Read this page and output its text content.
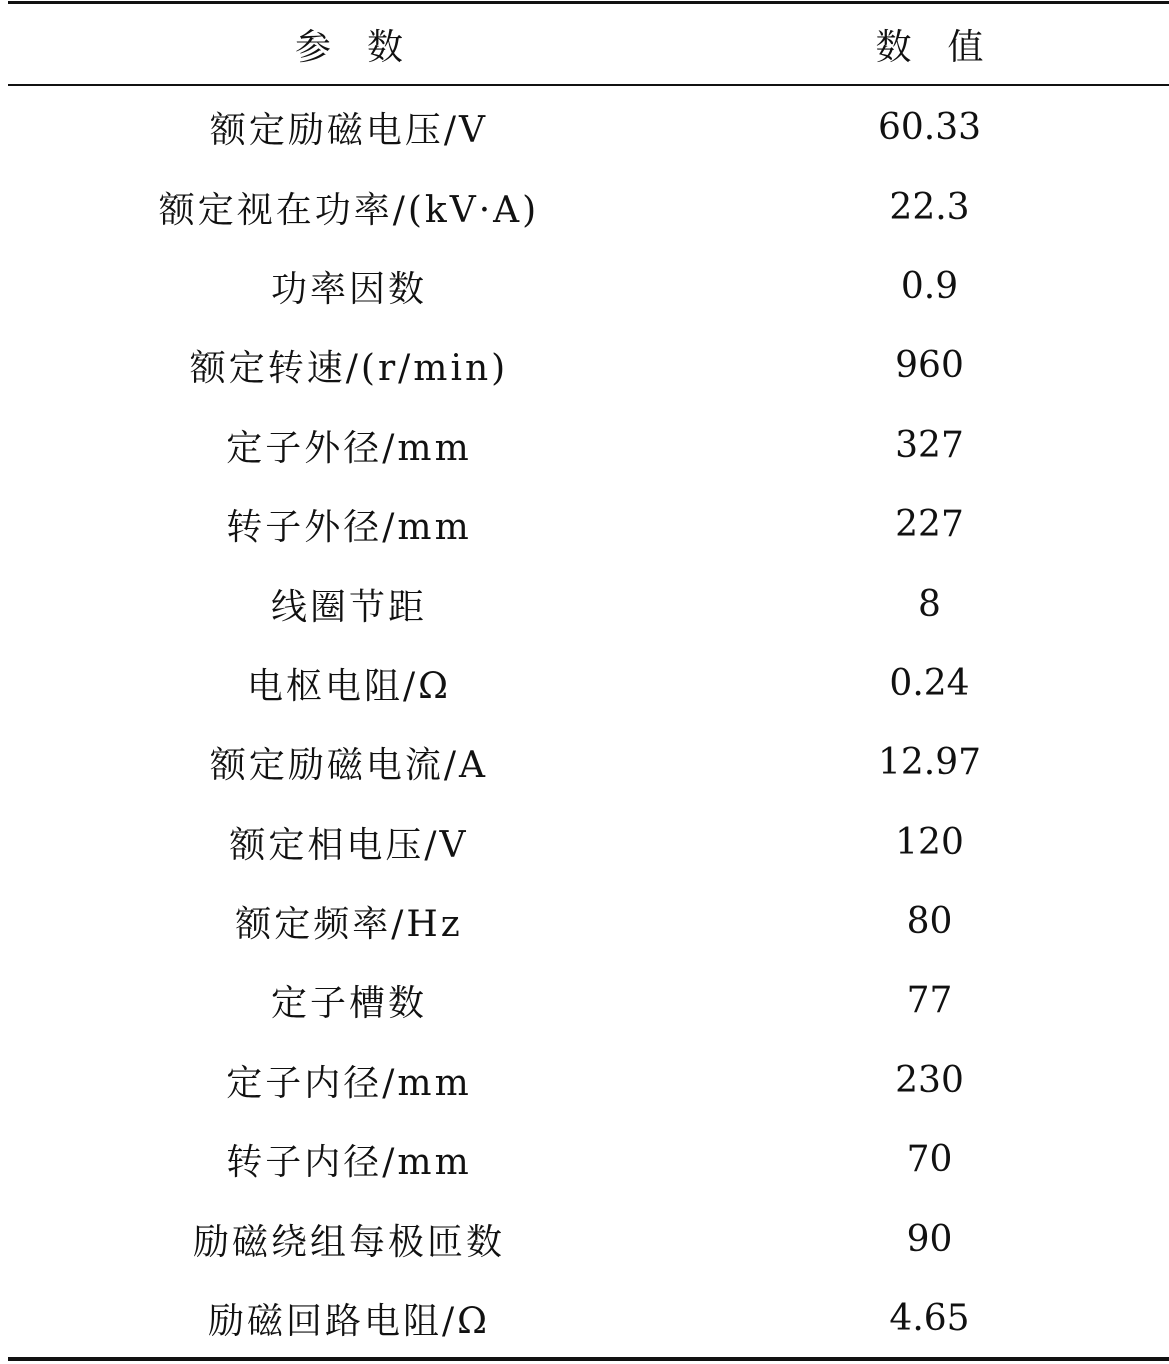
参数	数值
额定励磁电压/V	60.33
额定视在功率/(kV·A)	22.3
功率因数	0.9
额定转速/(r/min)	960
定子外径/mm	327
转子外径/mm	227
线圈节距	8
电枢电阻/Ω	0.24
额定励磁电流/A	12.97
额定相电压/V	120
额定频率/Hz	80
定子槽数	77
定子内径/mm	230
转子内径/mm	70
励磁绕组每极匝数	90
励磁回路电阻/Ω	4.65
